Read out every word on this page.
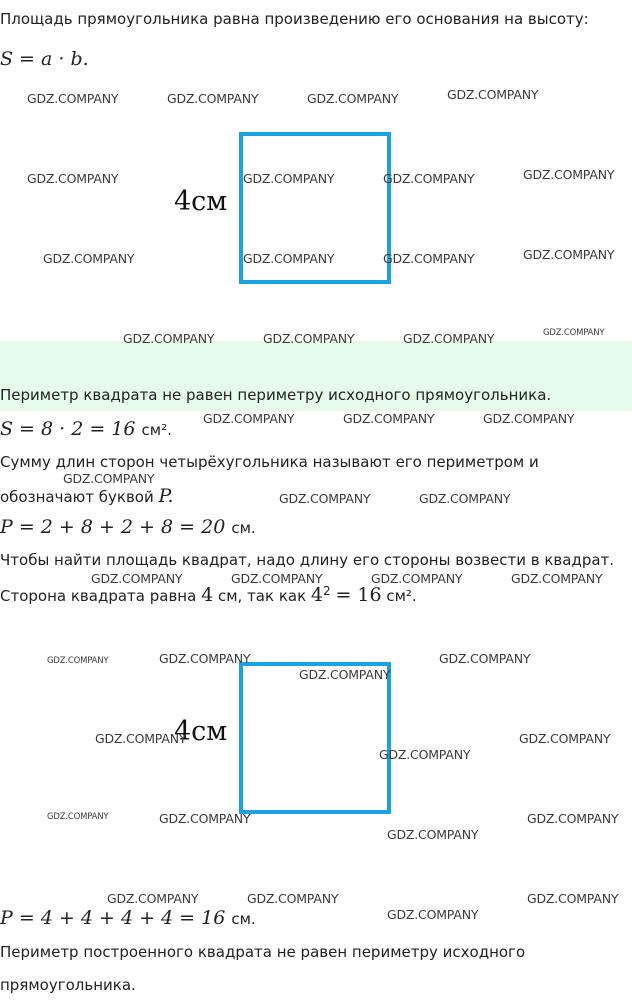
Площадь прямоугольника равна произведению его основания на высоту:
S = a · b.
4см
Периметр квадрата не равен периметру исходного прямоугольника.
S = 8 · 2 = 16 см².
Сумму длин сторон четырёхугольника называют его периметром и
обозначают буквой P.
P = 2 + 8 + 2 + 8 = 20 см.
Чтобы найти площадь квадрат, надо длину его стороны возвести в квадрат.
Сторона квадрата равна 4 см, так как $4^2 = 16$ см².
4см
P = 4 + 4 + 4 + 4 = 16 см.
Периметр построенного квадрата не равен периметру исходного
прямоугольника.
GDZ.COMPANY	GDZ.COMPANY	GDZ.COMPANY	GDZ.COMPANY
GDZ.COMPANY	GDZ.COMPANY	GDZ.COMPANY	GDZ.COMPANY
GDZ.COMPANY	GDZ.COMPANY	GDZ.COMPANY	GDZ.COMPANY
GDZ.COMPANY	GDZ.COMPANY	GDZ.COMPANY	GDZ.COMPANY
GDZ.COMPANY	GDZ.COMPANY	GDZ.COMPANY
GDZ.COMPANY
GDZ.COMPANY	GDZ.COMPANY
GDZ.COMPANY	GDZ.COMPANY	GDZ.COMPANY	GDZ.COMPANY
GDZ.COMPANY	GDZ.COMPANY	GDZ.COMPANY
GDZ.COMPANY
GDZ.COMPANY	GDZ.COMPANY
GDZ.COMPANY
GDZ.COMPANY	GDZ.COMPANY	GDZ.COMPANY
GDZ.COMPANY
GDZ.COMPANY	GDZ.COMPANY	GDZ.COMPANY
GDZ.COMPANY
